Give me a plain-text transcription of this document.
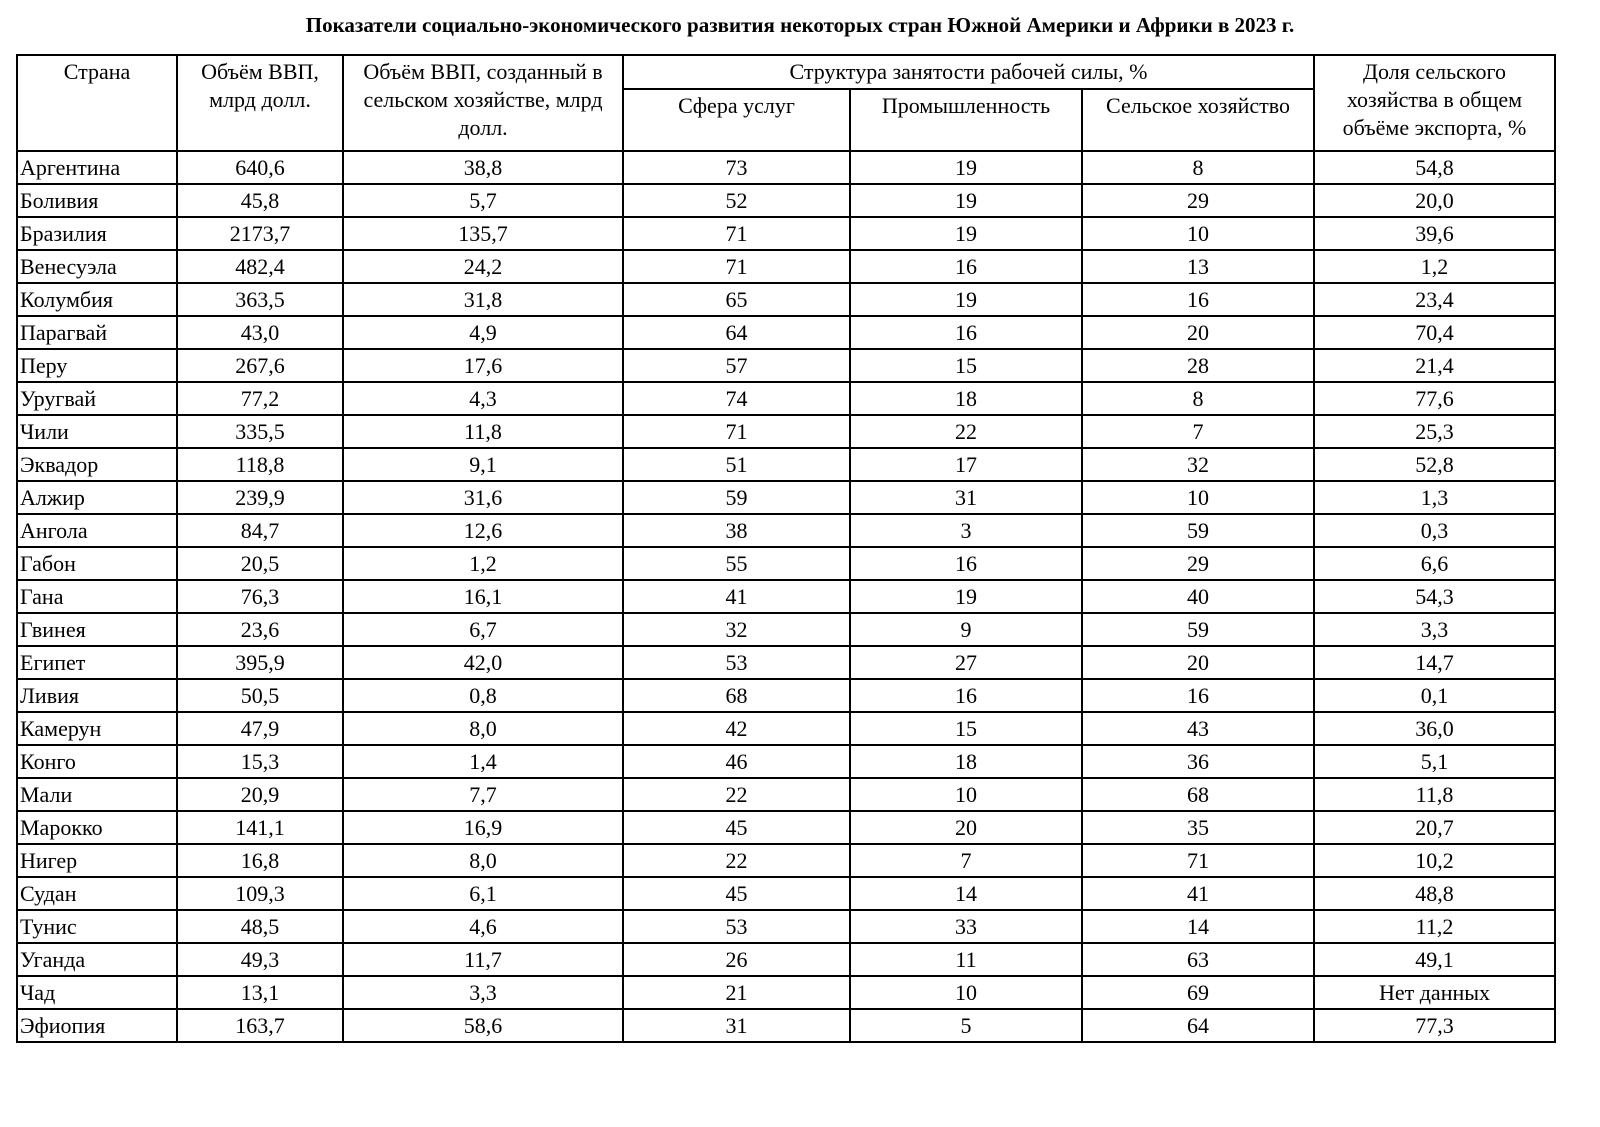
Показатели социально-экономического развития некоторых стран Южной Америки и Африки в 2023 г.
Страна	Объём ВВП, млрд долл.	Объём ВВП, созданный в сельском хозяйстве, млрд долл.	Структура занятости рабочей силы, %			Доля сельского хозяйства в общем объёме экспорта, %
			Сфера услуг	Промышленность	Сельское хозяйство	
Аргентина	640,6	38,8	73	19	8	54,8
Боливия	45,8	5,7	52	19	29	20,0
Бразилия	2173,7	135,7	71	19	10	39,6
Венесуэла	482,4	24,2	71	16	13	1,2
Колумбия	363,5	31,8	65	19	16	23,4
Парагвай	43,0	4,9	64	16	20	70,4
Перу	267,6	17,6	57	15	28	21,4
Уругвай	77,2	4,3	74	18	8	77,6
Чили	335,5	11,8	71	22	7	25,3
Эквадор	118,8	9,1	51	17	32	52,8
Алжир	239,9	31,6	59	31	10	1,3
Ангола	84,7	12,6	38	3	59	0,3
Габон	20,5	1,2	55	16	29	6,6
Гана	76,3	16,1	41	19	40	54,3
Гвинея	23,6	6,7	32	9	59	3,3
Египет	395,9	42,0	53	27	20	14,7
Ливия	50,5	0,8	68	16	16	0,1
Камерун	47,9	8,0	42	15	43	36,0
Конго	15,3	1,4	46	18	36	5,1
Мали	20,9	7,7	22	10	68	11,8
Марокко	141,1	16,9	45	20	35	20,7
Нигер	16,8	8,0	22	7	71	10,2
Судан	109,3	6,1	45	14	41	48,8
Тунис	48,5	4,6	53	33	14	11,2
Уганда	49,3	11,7	26	11	63	49,1
Чад	13,1	3,3	21	10	69	Нет данных
Эфиопия	163,7	58,6	31	5	64	77,3
